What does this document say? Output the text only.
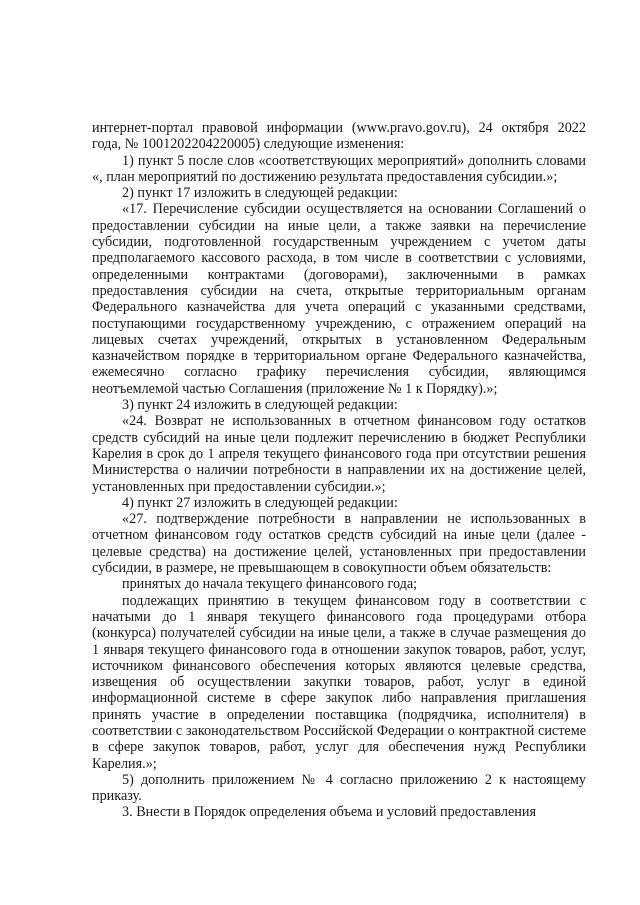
интернет-портал правовой информации (www.pravo.gov.ru), 24 октября 2022 года, № 1001202204220005) следующие изменения:

1) пункт 5 после слов «соответствующих мероприятий» дополнить словами «, план мероприятий по достижению результата предоставления субсидии.»;

2) пункт 17 изложить в следующей редакции:

«17. Перечисление субсидии осуществляется на основании Соглашений о предоставлении субсидии на иные цели, а также заявки на перечисление субсидии, подготовленной государственным учреждением с учетом даты предполагаемого кассового расхода, в том числе в соответствии с условиями, определенными контрактами (договорами), заключенными в рамках предоставления субсидии на счета, открытые территориальным органам Федерального казначейства для учета операций с указанными средствами, поступающими государственному учреждению, с отражением операций на лицевых счетах учреждений, открытых в установленном Федеральным казначейством порядке в территориальном органе Федерального казначейства, ежемесячно согласно графику перечисления субсидии, являющимся неотъемлемой частью Соглашения (приложение № 1 к Порядку).»;

3) пункт 24 изложить в следующей редакции:

«24. Возврат не использованных в отчетном финансовом году остатков средств субсидий на иные цели подлежит перечислению в бюджет Республики Карелия в срок до 1 апреля текущего финансового года при отсутствии решения Министерства о наличии потребности в направлении их на достижение целей, установленных при предоставлении субсидии.»;

4) пункт 27 изложить в следующей редакции:

«27. подтверждение потребности в направлении не использованных в отчетном финансовом году остатков средств субсидий на иные цели (далее - целевые средства) на достижение целей, установленных при предоставлении субсидии, в размере, не превышающем в совокупности объем обязательств:

принятых до начала текущего финансового года;

подлежащих принятию в текущем финансовом году в соответствии с начатыми до 1 января текущего финансового года процедурами отбора (конкурса) получателей субсидии на иные цели, а также в случае размещения до 1 января текущего финансового года в отношении закупок товаров, работ, услуг, источником финансового обеспечения которых являются целевые средства, извещения об осуществлении закупки товаров, работ, услуг в единой информационной системе в сфере закупок либо направления приглашения принять участие в определении поставщика (подрядчика, исполнителя) в соответствии с законодательством Российской Федерации о контрактной системе в сфере закупок товаров, работ, услуг для обеспечения нужд Республики Карелия.»;

5) дополнить приложением № 4 согласно приложению 2 к настоящему приказу.

3. Внести в Порядок определения объема и условий предоставления
